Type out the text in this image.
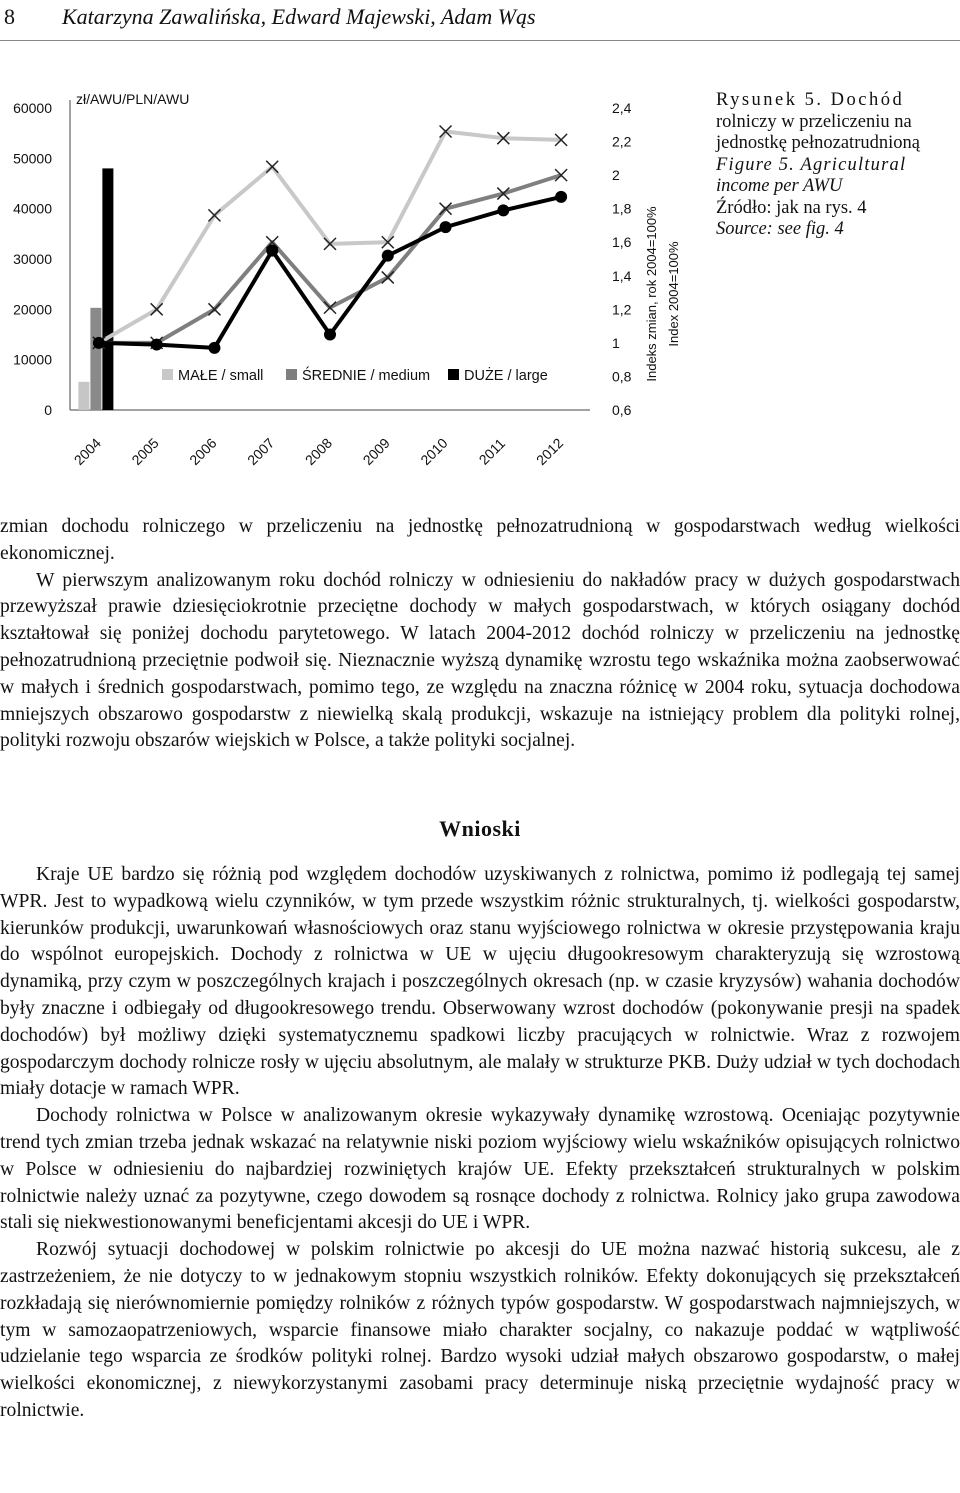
8 Katarzyna Zawalińska, Edward Majewski, Adam Wąs
0
10000
20000
30000
40000
50000
60000
0,6
0,8
1
1,2
1,4
1,6
1,8
2
2,2
2,4
zł/AWU/PLN/AWU
Indeks zmian, rok 2004=100% Index 2004=100%
2004 2005 2006 2007 2008 2009 2010 2011 2012
MAŁE / small	ŚREDNIE / medium DUŻE / large
Rysunek 5. Dochód
rolniczy w przeliczeniu na
jednostkę pełnozatrudnioną
Figure 5. Agricultural
income per AWU
Źródło: jak na rys. 4
Source: see fig. 4

zmian dochodu rolniczego w przeliczeniu na jednostkę pełnozatrudnioną w gospodarstwach według wielkości ekonomicznej.

W pierwszym analizowanym roku dochód rolniczy w odniesieniu do nakładów pracy w dużych gospodarstwach przewyższał prawie dziesięciokrotnie przeciętne dochody w małych gospodarstwach, w których osiągany dochód kształtował się poniżej dochodu parytetowego. W latach 2004-2012 dochód rolniczy w przeliczeniu na jednostkę pełnozatrudnioną przeciętnie podwoił się. Nieznacznie wyższą dynamikę wzrostu tego wskaźnika można zaobserwować w małych i średnich gospodarstwach, pomimo tego, ze względu na znaczna różnicę w 2004 roku, sytuacja dochodowa mniejszych obszarowo gospodarstw z niewielką skalą produkcji, wskazuje na istniejący problem dla polityki rolnej, polityki rozwoju obszarów wiejskich w Polsce, a także polityki socjalnej.

Wnioski

Kraje UE bardzo się różnią pod względem dochodów uzyskiwanych z rolnictwa, pomimo iż podlegają tej samej WPR. Jest to wypadkową wielu czynników, w tym przede wszystkim różnic strukturalnych, tj. wielkości gospodarstw, kierunków produkcji, uwarunkowań własnościowych oraz stanu wyjściowego rolnictwa w okresie przystępowania kraju do wspólnot europejskich. Dochody z rolnictwa w UE w ujęciu długookresowym charakteryzują się wzrostową dynamiką, przy czym w poszczególnych krajach i poszczególnych okresach (np. w czasie kryzysów) wahania dochodów były znaczne i odbiegały od długookresowego trendu. Obserwowany wzrost dochodów (pokonywanie presji na spadek dochodów) był możliwy dzięki systematycznemu spadkowi liczby pracujących w rolnictwie. Wraz z rozwojem gospodarczym dochody rolnicze rosły w ujęciu absolutnym, ale malały w strukturze PKB. Duży udział w tych dochodach miały dotacje w ramach WPR.

Dochody rolnictwa w Polsce w analizowanym okresie wykazywały dynamikę wzrostową. Oceniając pozytywnie trend tych zmian trzeba jednak wskazać na relatywnie niski poziom wyjściowy wielu wskaźników opisujących rolnictwo w Polsce w odniesieniu do najbardziej rozwiniętych krajów UE. Efekty przekształceń strukturalnych w polskim rolnictwie należy uznać za pozytywne, czego dowodem są rosnące dochody z rolnictwa. Rolnicy jako grupa zawodowa stali się niekwestionowanymi beneficjentami akcesji do UE i WPR.

Rozwój sytuacji dochodowej w polskim rolnictwie po akcesji do UE można nazwać historią sukcesu, ale z zastrzeżeniem, że nie dotyczy to w jednakowym stopniu wszystkich rolników. Efekty dokonujących się przekształceń rozkładają się nierównomiernie pomiędzy rolników z różnych typów gospodarstw. W gospodarstwach najmniejszych, w tym w samozaopatrzeniowych, wsparcie finansowe miało charakter socjalny, co nakazuje poddać w wątpliwość udzielanie tego wsparcia ze środków polityki rolnej. Bardzo wysoki udział małych obszarowo gospodarstw, o małej wielkości ekonomicznej, z niewykorzystanymi zasobami pracy determinuje niską przeciętnie wydajność pracy w rolnictwie.
